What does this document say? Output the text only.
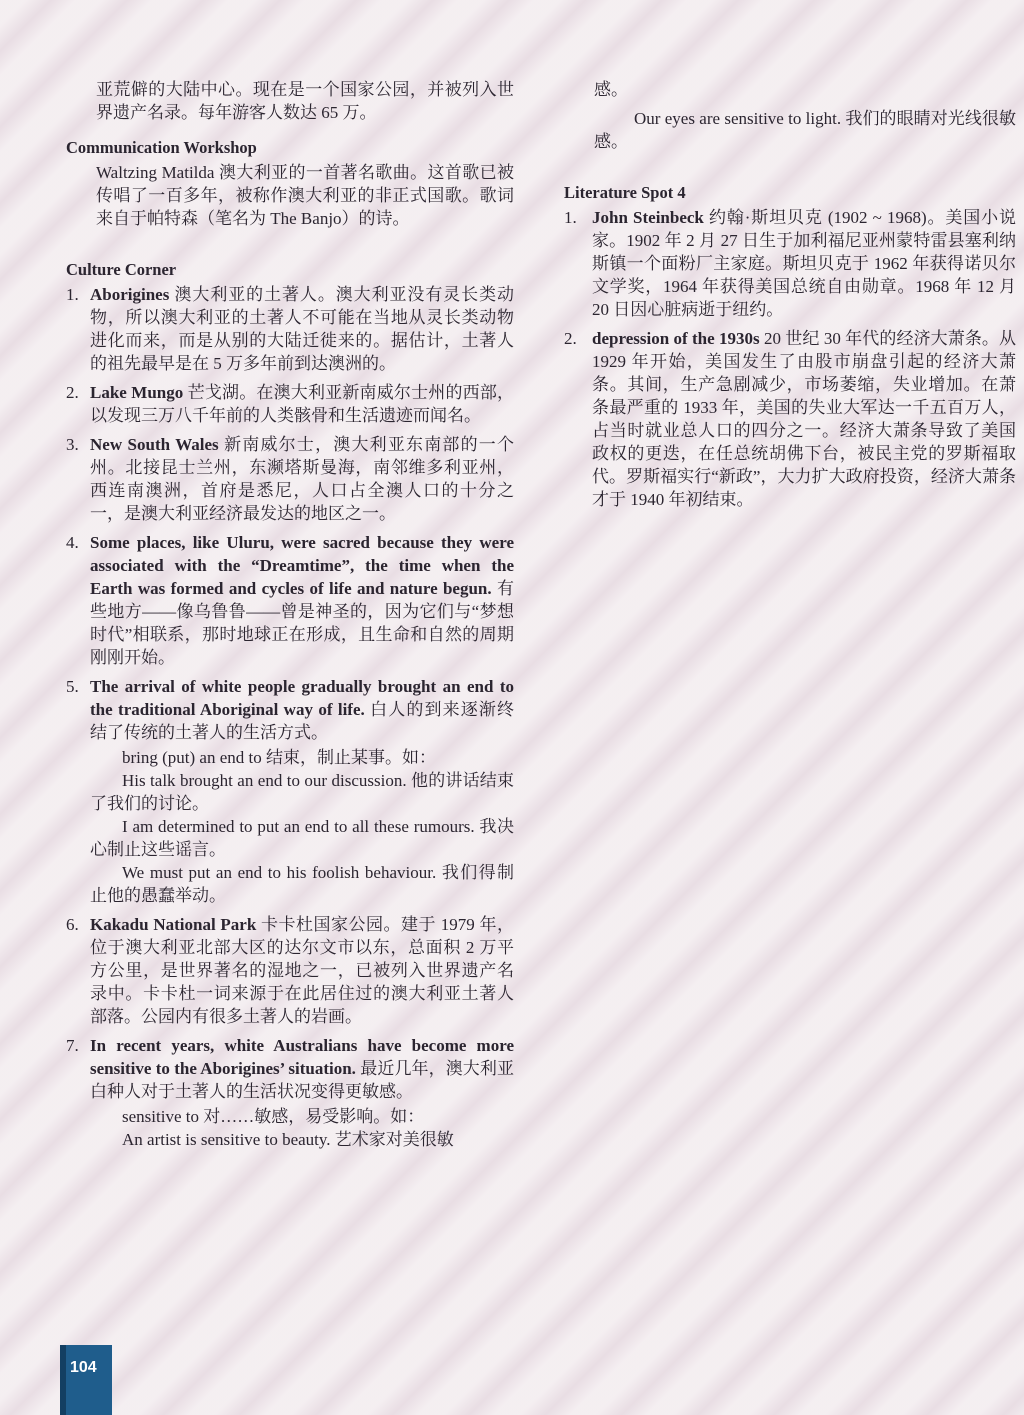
亚荒僻的大陆中心。现在是一个国家公园，并被列入世界遗产名录。每年游客人数达 65 万。

Communication Workshop

Waltzing Matilda 澳大利亚的一首著名歌曲。这首歌已被传唱了一百多年，被称作澳大利亚的非正式国歌。歌词来自于帕特森（笔名为 The Banjo）的诗。

Culture Corner
1. Aborigines 澳大利亚的土著人。澳大利亚没有灵长类动物，所以澳大利亚的土著人不可能在当地从灵长类动物进化而来，而是从别的大陆迁徙来的。据估计，土著人的祖先最早是在 5 万多年前到达澳洲的。
2. Lake Mungo 芒戈湖。在澳大利亚新南威尔士州的西部，以发现三万八千年前的人类骸骨和生活遗迹而闻名。
3. New South Wales 新南威尔士，澳大利亚东南部的一个州。北接昆士兰州，东濒塔斯曼海，南邻维多利亚州，西连南澳洲，首府是悉尼，人口占全澳人口的十分之一，是澳大利亚经济最发达的地区之一。
4. Some places, like Uluru, were sacred because they were associated with the “Dreamtime”, the time when the Earth was formed and cycles of life and nature begun. 有些地方——像乌鲁鲁——曾是神圣的，因为它们与“梦想时代”相联系，那时地球正在形成，且生命和自然的周期刚刚开始。
5. The arrival of white people gradually brought an end to the traditional Aboriginal way of life. 白人的到来逐渐终结了传统的土著人的生活方式。

bring (put) an end to 结束，制止某事。如：

His talk brought an end to our discussion. 他的讲话结束了我们的讨论。

I am determined to put an end to all these rumours. 我决心制止这些谣言。

We must put an end to his foolish behaviour. 我们得制止他的愚蠢举动。

6. Kakadu National Park 卡卡杜国家公园。建于 1979 年，位于澳大利亚北部大区的达尔文市以东，总面积 2 万平方公里，是世界著名的湿地之一，已被列入世界遗产名录中。卡卡杜一词来源于在此居住过的澳大利亚土著人部落。公园内有很多土著人的岩画。
7. In recent years, white Australians have become more sensitive to the Aborigines’ situation. 最近几年，澳大利亚白种人对于土著人的生活状况变得更敏感。

sensitive to 对……敏感，易受影响。如：

An artist is sensitive to beauty. 艺术家对美很敏

感。

Our eyes are sensitive to light. 我们的眼睛对光线很敏感。

Literature Spot 4
1. John Steinbeck 约翰·斯坦贝克 (1902 ~ 1968)。美国小说家。1902 年 2 月 27 日生于加利福尼亚州蒙特雷县塞利纳斯镇一个面粉厂主家庭。斯坦贝克于 1962 年获得诺贝尔文学奖，1964 年获得美国总统自由勋章。1968 年 12 月 20 日因心脏病逝于纽约。
2. depression of the 1930s 20 世纪 30 年代的经济大萧条。从 1929 年开始，美国发生了由股市崩盘引起的经济大萧条。其间，生产急剧减少，市场萎缩，失业增加。在萧条最严重的 1933 年，美国的失业大军达一千五百万人，占当时就业总人口的四分之一。经济大萧条导致了美国政权的更迭，在任总统胡佛下台，被民主党的罗斯福取代。罗斯福实行“新政”，大力扩大政府投资，经济大萧条才于 1940 年初结束。
104
